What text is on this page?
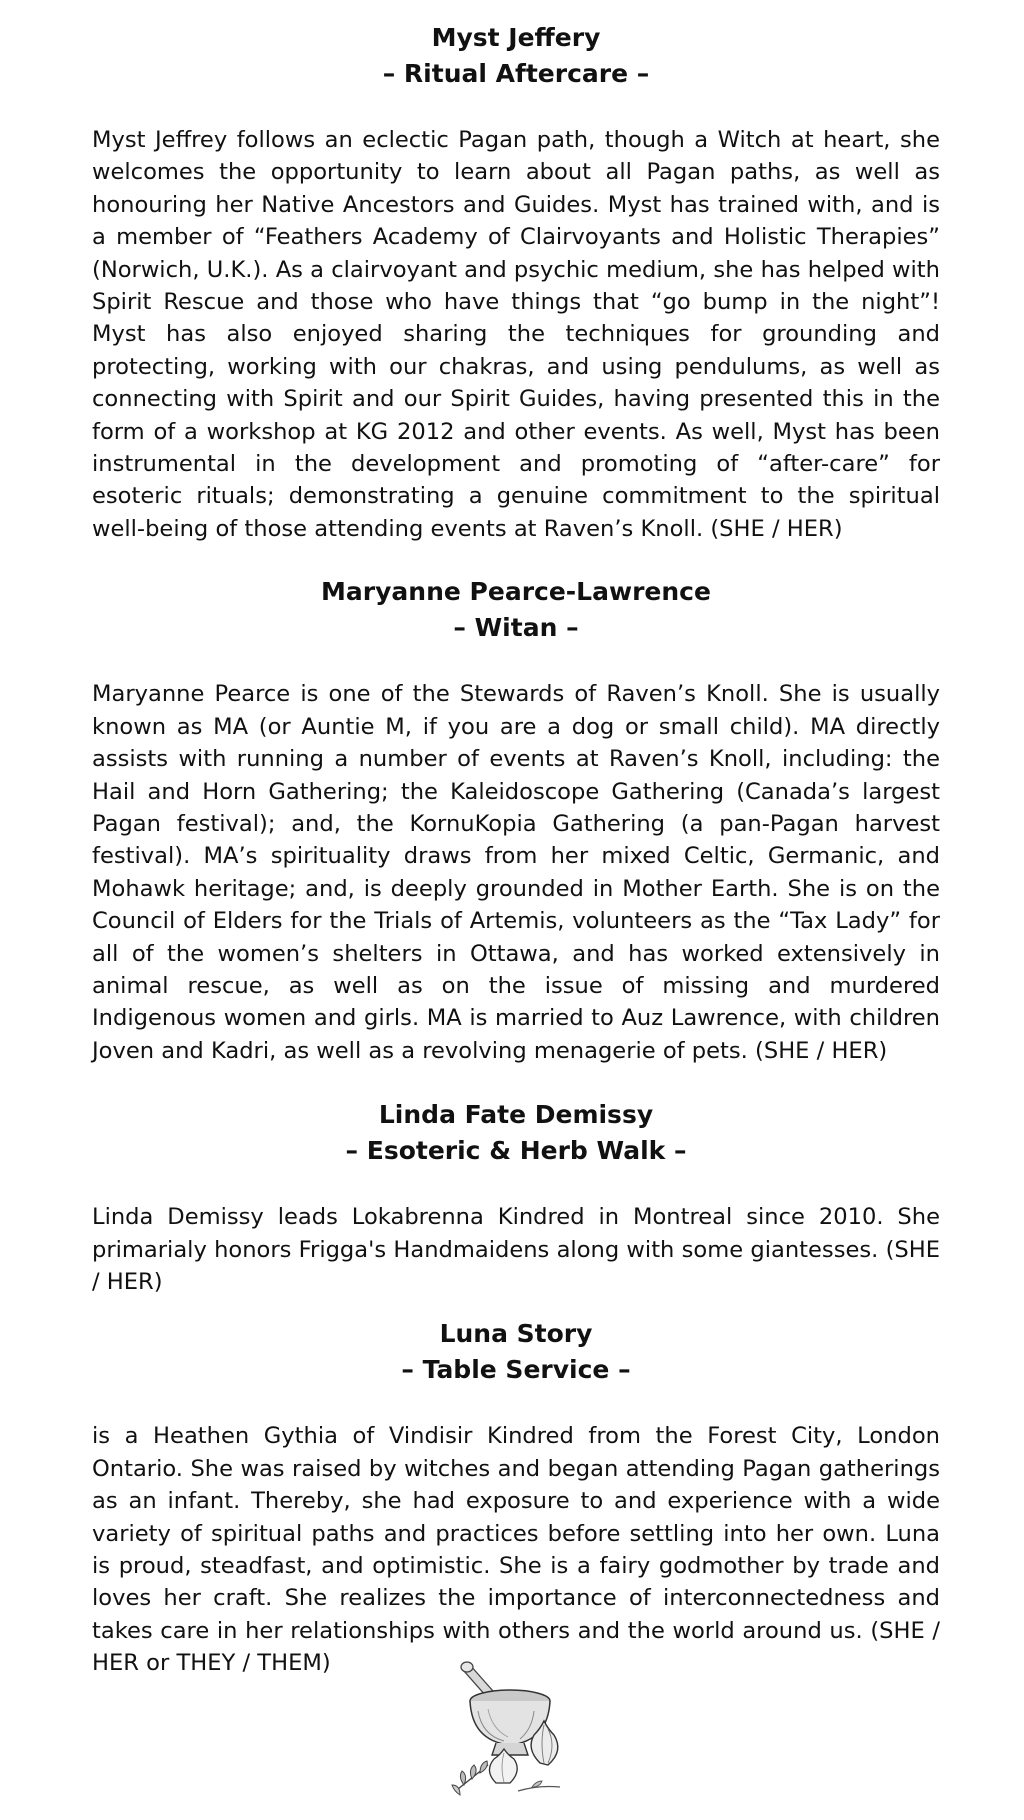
Myst Jeffery
– Ritual Aftercare –

Myst Jeffrey follows an eclectic Pagan path, though a Witch at heart, she welcomes the opportunity to learn about all Pagan paths, as well as honouring her Native Ancestors and Guides. Myst has trained with, and is a member of “Feathers Academy of Clairvoyants and Holistic Therapies” (Norwich, U.K.). As a clairvoyant and psychic medium, she has helped with Spirit Rescue and those who have things that “go bump in the night”! Myst has also enjoyed sharing the techniques for grounding and protecting, working with our chakras, and using pendulums, as well as connecting with Spirit and our Spirit Guides, having presented this in the form of a workshop at KG 2012 and other events. As well, Myst has been instrumental in the development and promoting of “after-care” for esoteric rituals; demonstrating a genuine commitment to the spiritual well-being of those attending events at Raven’s Knoll. (SHE / HER)

Maryanne Pearce-Lawrence
– Witan –

Maryanne Pearce is one of the Stewards of Raven’s Knoll. She is usually known as MA (or Auntie M, if you are a dog or small child). MA directly assists with running a number of events at Raven’s Knoll, including: the Hail and Horn Gathering; the Kaleidoscope Gathering (Canada’s largest Pagan festival); and, the KornuKopia Gathering (a pan-Pagan harvest festival). MA’s spirituality draws from her mixed Celtic, Germanic, and Mohawk heritage; and, is deeply grounded in Mother Earth. She is on the Council of Elders for the Trials of Artemis, volunteers as the “Tax Lady” for all of the women’s shelters in Ottawa, and has worked extensively in animal rescue, as well as on the issue of missing and murdered Indigenous women and girls. MA is married to Auz Lawrence, with children Joven and Kadri, as well as a revolving menagerie of pets. (SHE / HER)

Linda Fate Demissy
– Esoteric & Herb Walk –

Linda Demissy leads Lokabrenna Kindred in Montreal since 2010. She primarialy honors Frigga's Handmaidens along with some giantesses. (SHE / HER)

Luna Story
– Table Service –

is a Heathen Gythia of Vindisir Kindred from the Forest City, London Ontario. She was raised by witches and began attending Pagan gatherings as an infant. Thereby, she had exposure to and experience with a wide variety of spiritual paths and practices before settling into her own. Luna is proud, steadfast, and optimistic. She is a fairy godmother by trade and loves her craft. She realizes the importance of interconnectedness and takes care in her relationships with others and the world around us. (SHE / HER or THEY / THEM)
